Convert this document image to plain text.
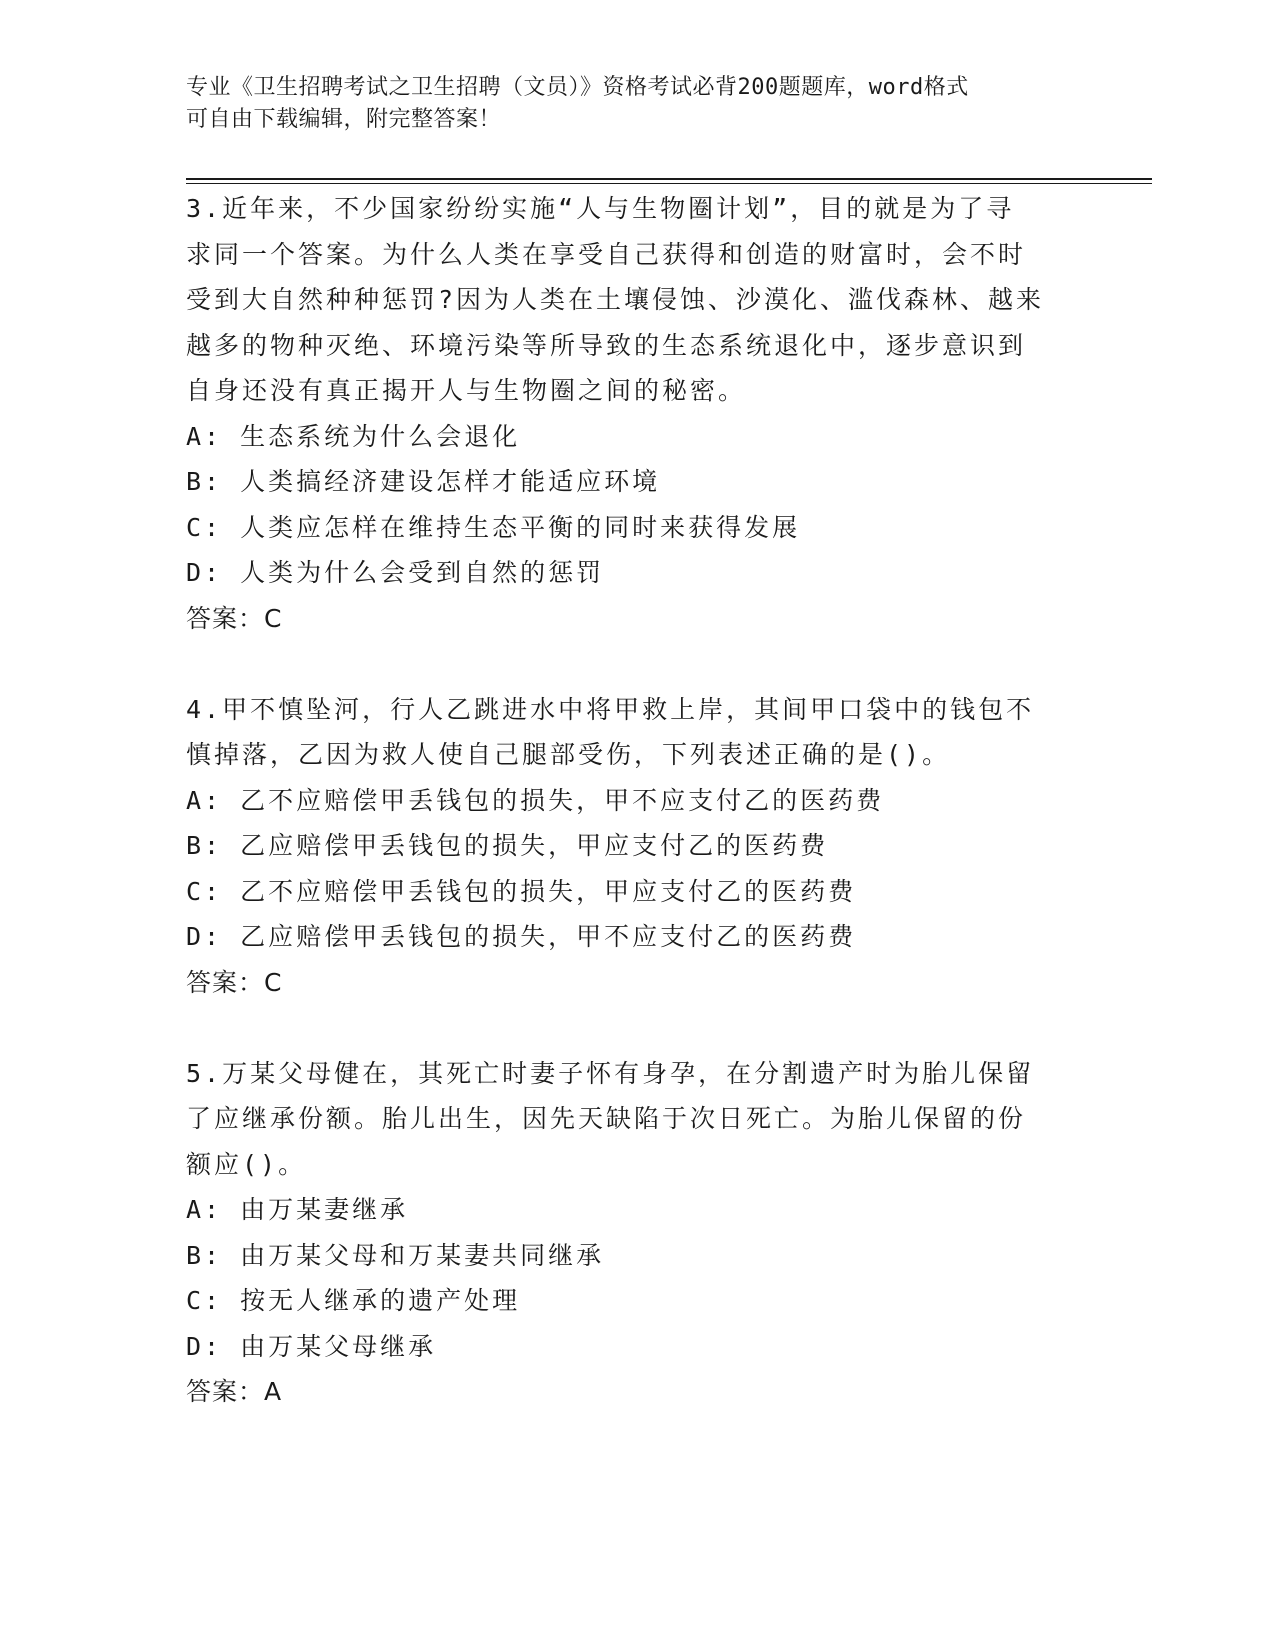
专业《卫生招聘考试之卫生招聘（文员）》资格考试必背200题题库，word格式
可自由下载编辑，附完整答案！
3.近年来，不少国家纷纷实施“人与生物圈计划”，目的就是为了寻
求同一个答案。为什么人类在享受自己获得和创造的财富时，会不时
受到大自然种种惩罚?因为人类在土壤侵蚀、沙漠化、滥伐森林、越来
越多的物种灭绝、环境污染等所导致的生态系统退化中，逐步意识到
自身还没有真正揭开人与生物圈之间的秘密。
A: 生态系统为什么会退化
B: 人类搞经济建设怎样才能适应环境
C: 人类应怎样在维持生态平衡的同时来获得发展
D: 人类为什么会受到自然的惩罚
答案：C
4.甲不慎坠河，行人乙跳进水中将甲救上岸，其间甲口袋中的钱包不
慎掉落，乙因为救人使自己腿部受伤，下列表述正确的是()。
A: 乙不应赔偿甲丢钱包的损失，甲不应支付乙的医药费
B: 乙应赔偿甲丢钱包的损失，甲应支付乙的医药费
C: 乙不应赔偿甲丢钱包的损失，甲应支付乙的医药费
D: 乙应赔偿甲丢钱包的损失，甲不应支付乙的医药费
答案：C
5.万某父母健在，其死亡时妻子怀有身孕，在分割遗产时为胎儿保留
了应继承份额。胎儿出生，因先天缺陷于次日死亡。为胎儿保留的份
额应()。
A: 由万某妻继承
B: 由万某父母和万某妻共同继承
C: 按无人继承的遗产处理
D: 由万某父母继承
答案：A
